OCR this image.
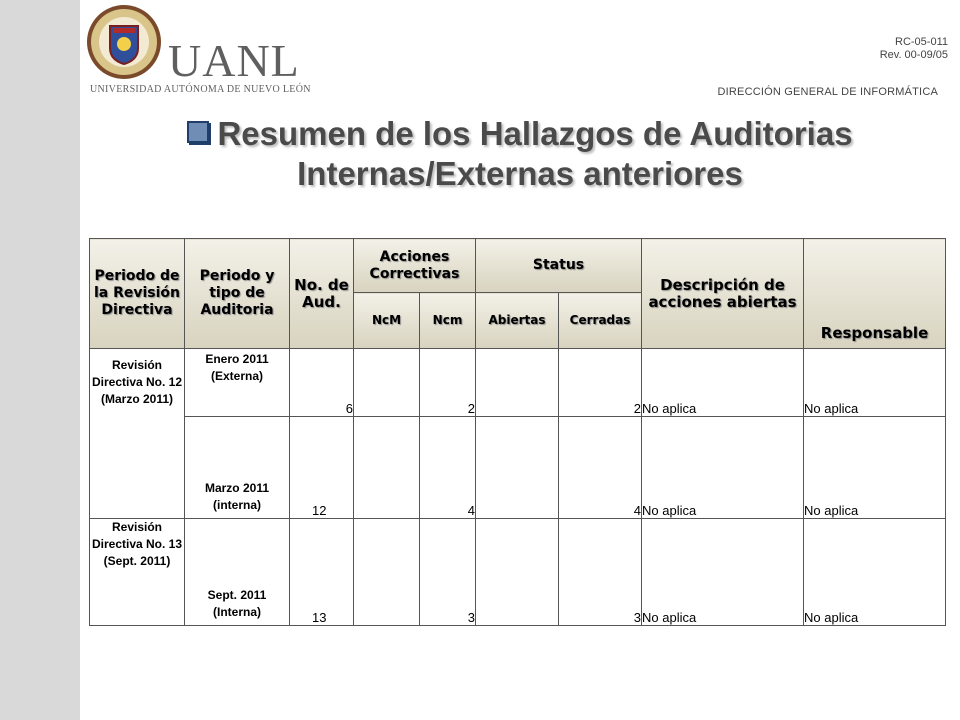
UANL
UNIVERSIDAD AUTÓNOMA DE NUEVO LEÓN
RC-05-011
Rev. 00-09/05
DIRECCIÓN GENERAL DE INFORMÁTICA
Resumen de los Hallazgos de Auditorias
Internas/Externas anteriores
Periodo de la Revisión Directiva	Periodo y tipo de Auditoria	No. de Aud.	Acciones Correctivas		Status		Descripción de acciones abiertas	Responsable
			NcM	Ncm	Abiertas	Cerradas		
Revisión Directiva No. 12 (Marzo 2011)	Enero 2011 (Externa)	6		2		2	No aplica	No aplica
	Marzo 2011 (interna)	12		4		4	No aplica	No aplica
Revisión Directiva No. 13 (Sept. 2011)	Sept. 2011 (Interna)	13		3		3	No aplica	No aplica
